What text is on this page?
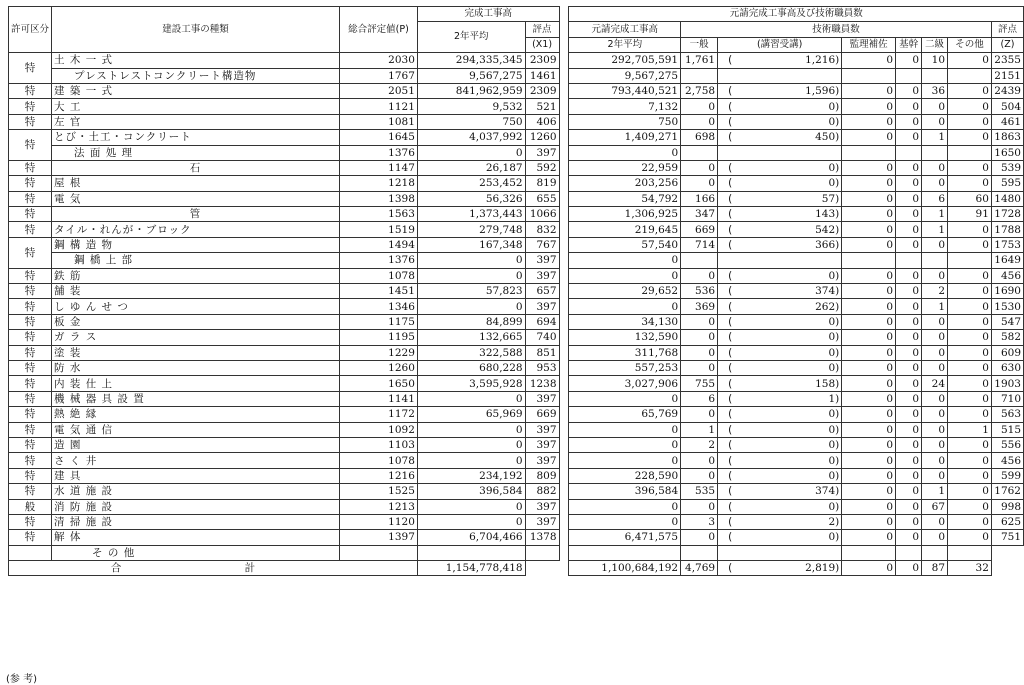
許可区分	建設工事の種類	総合評定値(P)	完成工事高			元請完成工事高及び技術職員数								
			2年平均	評点		元請完成工事高	技術職員数							評点
				(X1)		2年平均	一般	(講習受講)		監理補佐	基幹	二級	その他	(Z)
特	土 木 一 式	2030	294,335,345	2309		292,705,591	1,761	(	1,216)	0	0	10	0	2355
	プレストレストコンクリート構造物	1767	9,567,275	1461		9,567,275								2151
特	建 築 一 式	2051	841,962,959	2309		793,440,521	2,758	(	1,596)	0	0	36	0	2439
特	大 工	1121	9,532	521		7,132	0	(	0)	0	0	0	0	504
特	左 官	1081	750	406		750	0	(	0)	0	0	0	0	461
特	とび・土工・コンクリート	1645	4,037,992	1260		1,409,271	698	(	450)	0	0	1	0	1863
	法 面 処 理	1376	0	397		0								1650
特	石	1147	26,187	592		22,959	0	(	0)	0	0	0	0	539
特	屋 根	1218	253,452	819		203,256	0	(	0)	0	0	0	0	595
特	電 気	1398	56,326	655		54,792	166	(	57)	0	0	6	60	1480
特	管	1563	1,373,443	1066		1,306,925	347	(	143)	0	0	1	91	1728
特	タイル・れんが・ブロック	1519	279,748	832		219,645	669	(	542)	0	0	1	0	1788
特	鋼 構 造 物	1494	167,348	767		57,540	714	(	366)	0	0	0	0	1753
	鋼 橋 上 部	1376	0	397		0								1649
特	鉄 筋	1078	0	397		0	0	(	0)	0	0	0	0	456
特	舗 装	1451	57,823	657		29,652	536	(	374)	0	0	2	0	1690
特	し ゆ ん せ つ	1346	0	397		0	369	(	262)	0	0	1	0	1530
特	板 金	1175	84,899	694		34,130	0	(	0)	0	0	0	0	547
特	ガ ラ ス	1195	132,665	740		132,590	0	(	0)	0	0	0	0	582
特	塗 装	1229	322,588	851		311,768	0	(	0)	0	0	0	0	609
特	防 水	1260	680,228	953		557,253	0	(	0)	0	0	0	0	630
特	内 装 仕 上	1650	3,595,928	1238		3,027,906	755	(	158)	0	0	24	0	1903
特	機 械 器 具 設 置	1141	0	397		0	6	(	1)	0	0	0	0	710
特	熱 絶 縁	1172	65,969	669		65,769	0	(	0)	0	0	0	0	563
特	電 気 通 信	1092	0	397		0	1	(	0)	0	0	0	1	515
特	造 園	1103	0	397		0	2	(	0)	0	0	0	0	556
特	さ く 井	1078	0	397		0	0	(	0)	0	0	0	0	456
特	建 具	1216	234,192	809		228,590	0	(	0)	0	0	0	0	599
特	水 道 施 設	1525	396,584	882		396,584	535	(	374)	0	0	1	0	1762
般	消 防 施 設	1213	0	397		0	0	(	0)	0	0	67	0	998
特	清 掃 施 設	1120	0	397		0	3	(	2)	0	0	0	0	625
特	解 体	1397	6,704,466	1378		6,471,575	0	(	0)	0	0	0	0	751
	そ の 他													
合 計			1,154,778,418			1,100,684,192	4,769	(	2,819)	0	0	87	32	
(参 考)
